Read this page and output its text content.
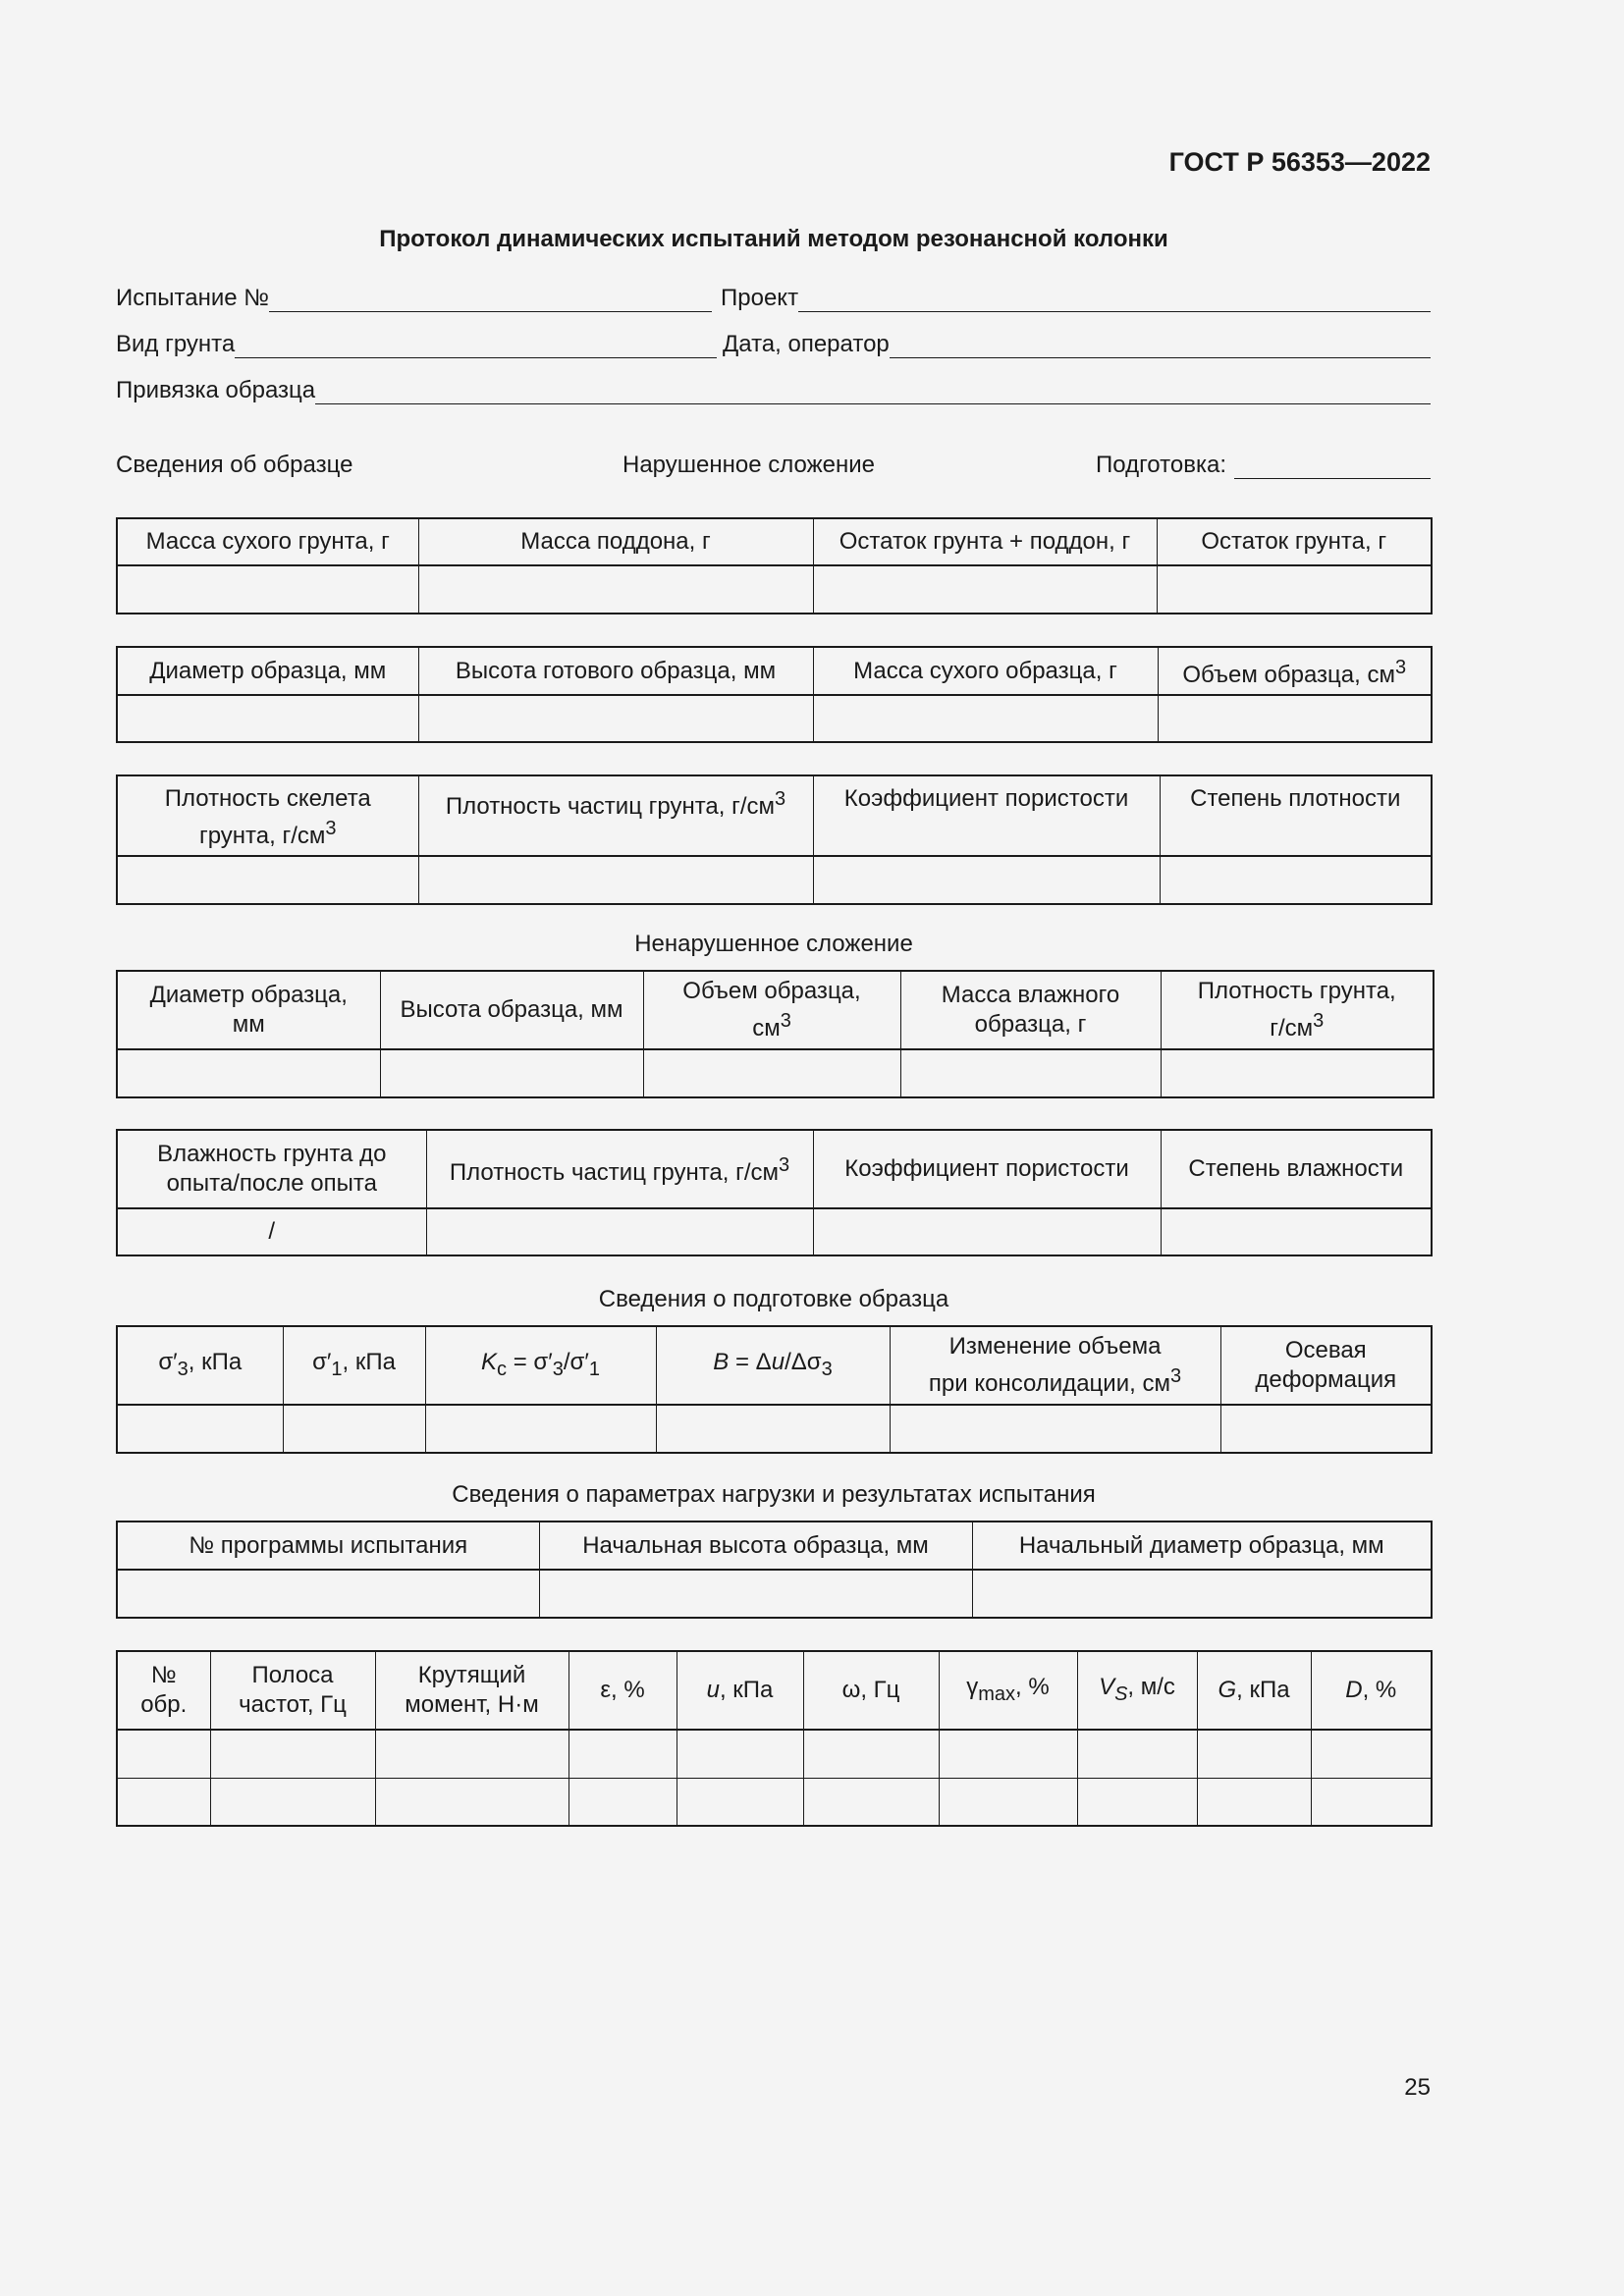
ГОСТ Р 56353—2022
Протокол динамических испытаний методом резонансной колонки
Испытание №	Проект
Вид грунта	Дата, оператор
Привязка образца
Сведения об образце	Нарушенное сложение	Подготовка:
Масса сухого грунта, г	Масса поддона, г	Остаток грунта + поддон, г	Остаток грунта, г

Диаметр образца, мм	Высота готового образца, мм	Масса сухого образца, г	Объем образца, $см^3$

Плотность скелета
грунта, $г/см^3$	Плотность частиц грунта, $г/см^3$	Коэффициент пористости	Степень плотности

Ненарушенное сложение
Диаметр образца,
мм	Высота образца, мм	Объем образца,
$см^3$	Масса влажного
образца, г	Плотность грунта,
$г/см^3$

Влажность грунта до
опыта/после опыта	Плотность частиц грунта, $г/см^3$	Коэффициент пористости	Степень влажности
/			
Сведения о подготовке образца
$\sigma'_3$, кПа	$\sigma'_1$, кПа	$K_c = \sigma'_3/\sigma'_1$	$B = \Delta u/\Delta\sigma_3$	Изменение объема
при консолидации, $см^3$	Осевая
деформация

Сведения о параметрах нагрузки и результатах испытания
№ программы испытания	Начальная высота образца, мм	Начальный диаметр образца, мм

№
обр.	Полоса
частот, Гц	Крутящий
момент, Н·м	ε, %	u, кПа	ω, Гц	$\gamma_{max}$, %	$V_S$, м/с	G, кПа	D, %

25
